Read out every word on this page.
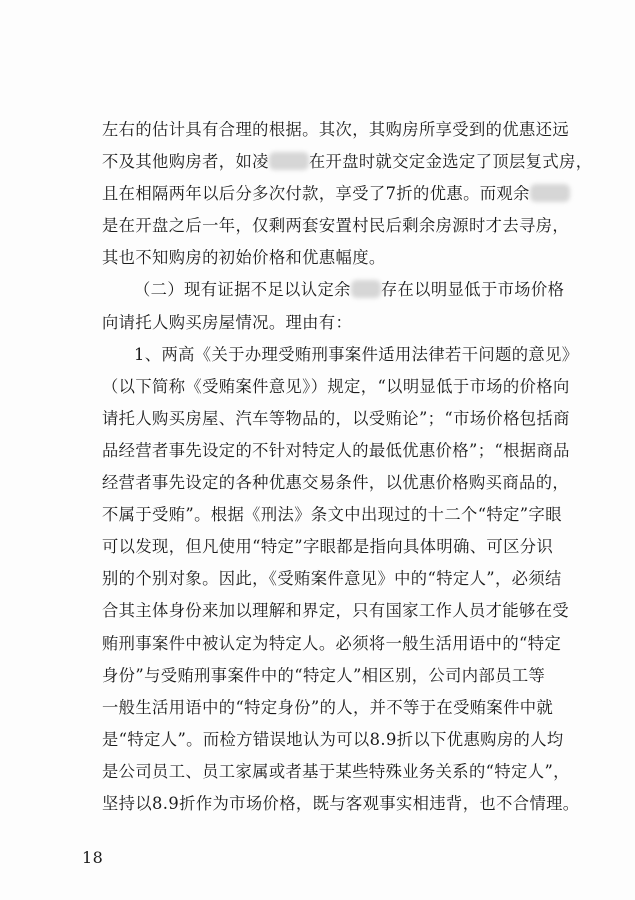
左右的估计具有合理的根据。其次，其购房所享受到的优惠还远
不及其他购房者，如凌 在开盘时就交定金选定了顶层复式房，
且在相隔两年以后分多次付款，享受了7折的优惠。而观余
是在开盘之后一年，仅剩两套安置村民后剩余房源时才去寻房，
其也不知购房的初始价格和优惠幅度。
（二）现有证据不足以认定余 存在以明显低于市场价格
向请托人购买房屋情况。理由有：
1、两高《关于办理受贿刑事案件适用法律若干问题的意见》
（以下简称《受贿案件意见》）规定，“以明显低于市场的价格向
请托人购买房屋、汽车等物品的，以受贿论”；“市场价格包括商
品经营者事先设定的不针对特定人的最低优惠价格”；“根据商品
经营者事先设定的各种优惠交易条件，以优惠价格购买商品的，
不属于受贿”。根据《刑法》条文中出现过的十二个“特定”字眼
可以发现，但凡使用“特定”字眼都是指向具体明确、可区分识
别的个别对象。因此，《受贿案件意见》中的“特定人”，必须结
合其主体身份来加以理解和界定，只有国家工作人员才能够在受
贿刑事案件中被认定为特定人。必须将一般生活用语中的“特定
身份”与受贿刑事案件中的“特定人”相区别，公司内部员工等
一般生活用语中的“特定身份”的人，并不等于在受贿案件中就
是“特定人”。而检方错误地认为可以8.9折以下优惠购房的人均
是公司员工、员工家属或者基于某些特殊业务关系的“特定人”，
坚持以8.9折作为市场价格，既与客观事实相违背，也不合情理。
18
